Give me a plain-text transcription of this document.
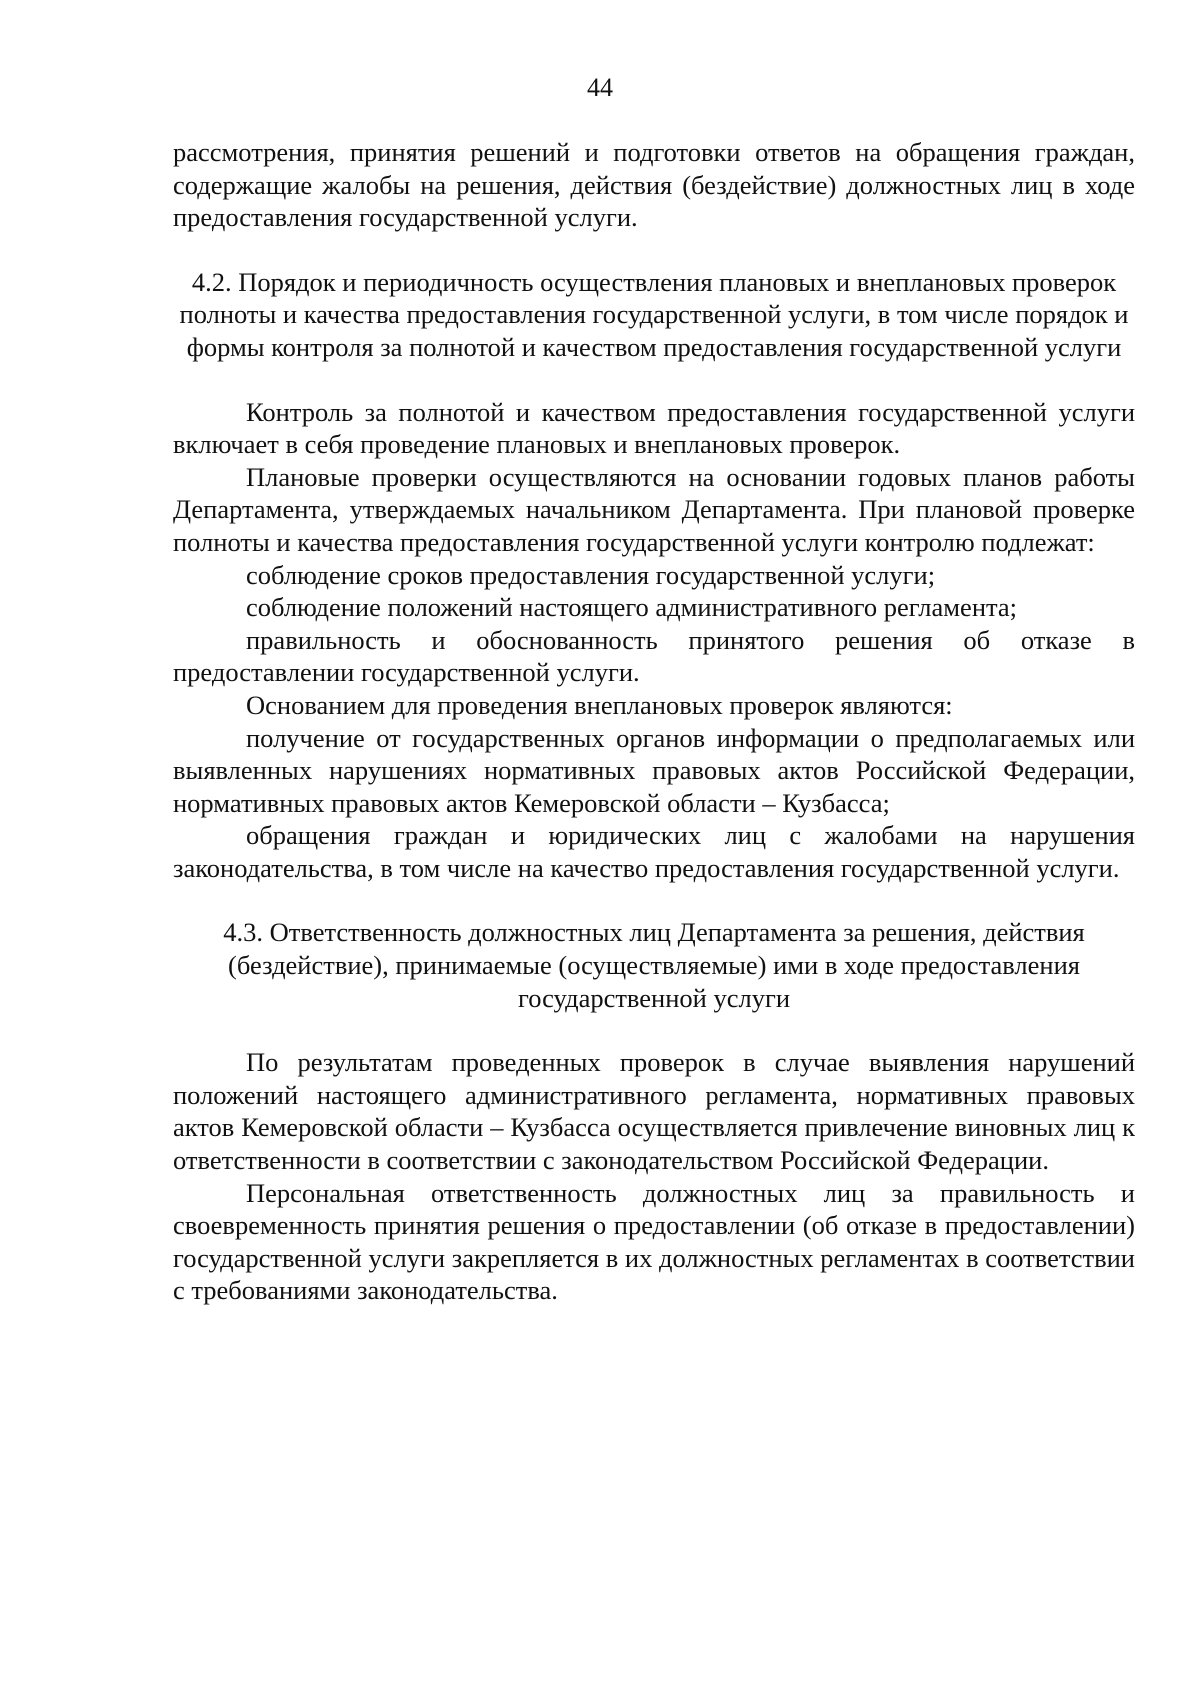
44

рассмотрения, принятия решений и подготовки ответов на обращения граждан, содержащие жалобы на решения, действия (бездействие) должностных лиц в ходе предоставления государственной услуги.

4.2. Порядок и периодичность осуществления плановых и внеплановых проверок полноты и качества предоставления государственной услуги, в том числе порядок и формы контроля за полнотой и качеством предоставления государственной услуги

Контроль за полнотой и качеством предоставления государственной услуги включает в себя проведение плановых и внеплановых проверок.

Плановые проверки осуществляются на основании годовых планов работы Департамента, утверждаемых начальником Департамента. При плановой проверке полноты и качества предоставления государственной услуги контролю подлежат:

соблюдение сроков предоставления государственной услуги;

соблюдение положений настоящего административного регламента;

правильность и обоснованность принятого решения об отказе в предоставлении государственной услуги.

Основанием для проведения внеплановых проверок являются:

получение от государственных органов информации о предполагаемых или выявленных нарушениях нормативных правовых актов Российской Федерации, нормативных правовых актов Кемеровской области – Кузбасса;

обращения граждан и юридических лиц с жалобами на нарушения законодательства, в том числе на качество предоставления государственной услуги.

4.3. Ответственность должностных лиц Департамента за решения, действия (бездействие), принимаемые (осуществляемые) ими в ходе предоставления государственной услуги

По результатам проведенных проверок в случае выявления нарушений положений настоящего административного регламента, нормативных правовых актов Кемеровской области – Кузбасса осуществляется привлечение виновных лиц к ответственности в соответствии с законодательством Российской Федерации.

Персональная ответственность должностных лиц за правильность и своевременность принятия решения о предоставлении (об отказе в предоставлении) государственной услуги закрепляется в их должностных регламентах в соответствии с требованиями законодательства.
